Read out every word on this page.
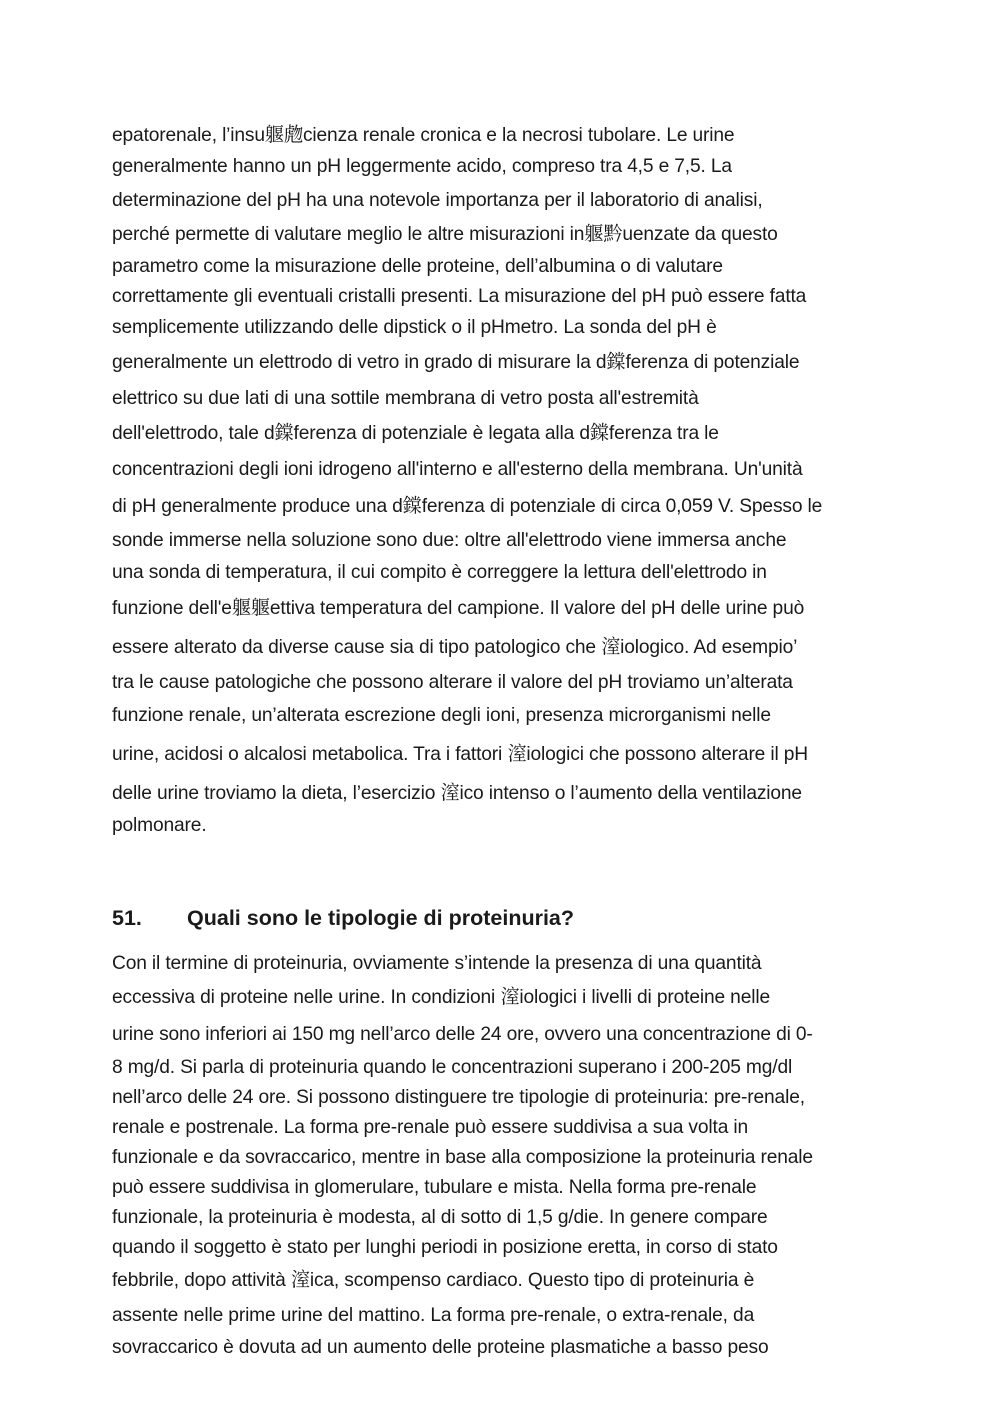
epatorenale, l’insu躽虝cienza renale cronica e la necrosi tubolare. Le urine
generalmente hanno un pH leggermente acido, compreso tra 4,5 e 7,5. La
determinazione del pH ha una notevole importanza per il laboratorio di analisi,
perché permette di valutare meglio le altre misurazioni in躽黔uenzate da questo
parametro come la misurazione delle proteine, dell’albumina o di valutare
correttamente gli eventuali cristalli presenti. La misurazione del pH può essere fatta
semplicemente utilizzando delle dipstick o il pHmetro. La sonda del pH è
generalmente un elettrodo di vetro in grado di misurare la d鏿ferenza di potenziale
elettrico su due lati di una sottile membrana di vetro posta all'estremità
dell'elettrodo, tale d鏿ferenza di potenziale è legata alla d鏿ferenza tra le
concentrazioni degli ioni idrogeno all'interno e all'esterno della membrana. Un'unità
di pH generalmente produce una d鏿ferenza di potenziale di circa 0,059 V. Spesso le
sonde immerse nella soluzione sono due: oltre all'elettrodo viene immersa anche
una sonda di temperatura, il cui compito è correggere la lettura dell'elettrodo in
funzione dell'e躽躽ettiva temperatura del campione. Il valore del pH delle urine può
essere alterato da diverse cause sia di tipo patologico che 潌iologico. Ad esempio’
tra le cause patologiche che possono alterare il valore del pH troviamo un’alterata
funzione renale, un’alterata escrezione degli ioni, presenza microrganismi nelle
urine, acidosi o alcalosi metabolica. Tra i fattori 潌iologici che possono alterare il pH
delle urine troviamo la dieta, l’esercizio 潌ico intenso o l’aumento della ventilazione
polmonare.
51. Quali sono le tipologie di proteinuria?
Con il termine di proteinuria, ovviamente s’intende la presenza di una quantità
eccessiva di proteine nelle urine. In condizioni 潌iologici i livelli di proteine nelle
urine sono inferiori ai 150 mg nell’arco delle 24 ore, ovvero una concentrazione di 0-
8 mg/d. Si parla di proteinuria quando le concentrazioni superano i 200-205 mg/dl
nell’arco delle 24 ore. Si possono distinguere tre tipologie di proteinuria: pre-renale,
renale e postrenale. La forma pre-renale può essere suddivisa a sua volta in
funzionale e da sovraccarico, mentre in base alla composizione la proteinuria renale
può essere suddivisa in glomerulare, tubulare e mista. Nella forma pre-renale
funzionale, la proteinuria è modesta, al di sotto di 1,5 g/die. In genere compare
quando il soggetto è stato per lunghi periodi in posizione eretta, in corso di stato
febbrile, dopo attività 潌ica, scompenso cardiaco. Questo tipo di proteinuria è
assente nelle prime urine del mattino. La forma pre-renale, o extra-renale, da
sovraccarico è dovuta ad un aumento delle proteine plasmatiche a basso peso
